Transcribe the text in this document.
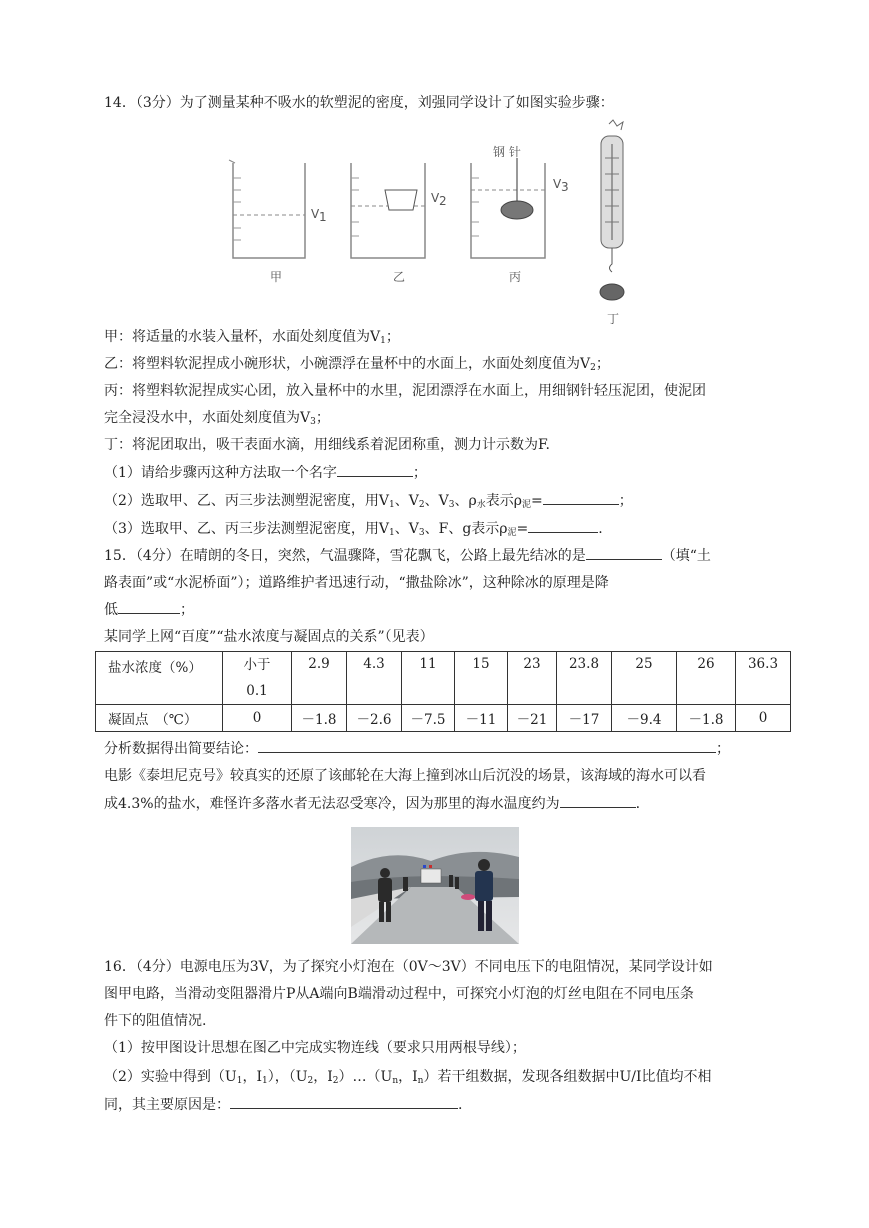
14．（3分）为了测量某种不吸水的软塑泥的密度，刘强同学设计了如图实验步骤：
V 1
甲
V 2
乙
钢 针
V 3
丙
丁
甲：将适量的水装入量杯，水面处刻度值为$V_1$；
乙：将塑料软泥捏成小碗形状，小碗漂浮在量杯中的水面上，水面处刻度值为$V_2$；
丙：将塑料软泥捏成实心团，放入量杯中的水里，泥团漂浮在水面上，用细钢针轻压泥团，使泥团
完全浸没水中，水面处刻度值为$V_3$；
丁：将泥团取出，吸干表面水滴，用细线系着泥团称重，测力计示数为F.
（1）请给步骤丙这种方法取一个名字	；
（2）选取甲、乙、丙三步法测塑泥密度，用$V_1$、$V_2$、$V_3$、$\rho_水$表示$\rho_泥=$	；
（3）选取甲、乙、丙三步法测塑泥密度，用$V_1$、$V_3$、F、g表示$\rho_泥=$	.
15．（4分）在晴朗的冬日，突然，气温骤降，雪花飘飞，公路上最先结冰的是	（填“土
路表面”或“水泥桥面”）；道路维护者迅速行动，“撒盐除冰”，这种除冰的原理是降
低	；
某同学上网“百度”“盐水浓度与凝固点的关系”（见表）
盐水浓度（%）	小于
0.1	2.9	4.3	11	15	23	23.8	25	26	36.3
凝固点　（℃）	0	－1.8	－2.6	－7.5	－11	－21	－17	－9.4	－1.8	0
分析数据得出简要结论：	；
电影《泰坦尼克号》较真实的还原了该邮轮在大海上撞到冰山后沉没的场景，该海域的海水可以看
成4.3%的盐水，难怪许多落水者无法忍受寒冷，因为那里的海水温度约为	.
16．（4分）电源电压为3V，为了探究小灯泡在（0V～3V）不同电压下的电阻情况，某同学设计如
图甲电路，当滑动变阻器滑片P从A端向B端滑动过程中，可探究小灯泡的灯丝电阻在不同电压条
件下的阻值情况.
（1）按甲图设计思想在图乙中完成实物连线（要求只用两根导线）；
（2）实验中得到（$U_1$，$I_1$），（$U_2$，$I_2)\dots(U_n$，$I_n$）若干组数据，发现各组数据中U/I比值均不相
同，其主要原因是：	.
